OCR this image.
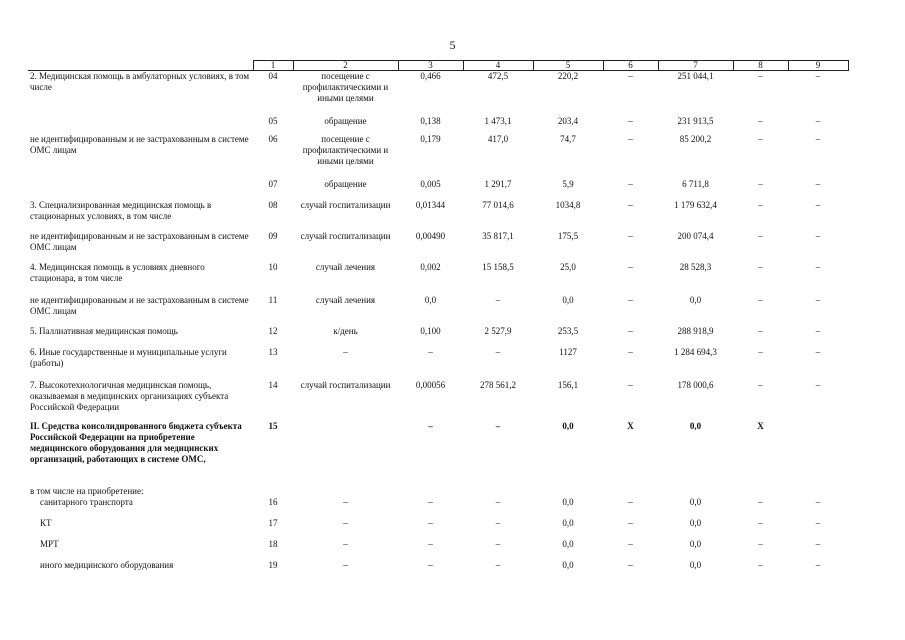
5
	1	2	3	4	5	6	7	8	9
2. Медицинская помощь в амбулаторных условиях, в том числе	04	посещение с профилактическими и иными целями	0,466	472,5	220,2	–	251 044,1	–	–
	05	обращение	0,138	1 473,1	203,4	–	231 913,5	–	–
не идентифицированным и не застрахованным в системе ОМС лицам	06	посещение с профилактическими и иными целями	0,179	417,0	74,7	–	85 200,2	–	–
	07	обращение	0,005	1 291,7	5,9	–	6 711,8	–	–
3. Специализированная медицинская помощь в стационарных условиях, в том числе	08	случай госпитализации	0,01344	77 014,6	1034,8	–	1 179 632,4	–	–
не идентифицированным и не застрахованным в системе ОМС лицам	09	случай госпитализации	0,00490	35 817,1	175,5	–	200 074,4	–	–
4. Медицинская помощь в условиях дневного стационара, в том числе	10	случай лечения	0,002	15 158,5	25,0	–	28 528,3	–	–
не идентифицированным и не застрахованным в системе ОМС лицам	11	случай лечения	0,0	–	0,0	–	0,0	–	–
5. Паллиативная медицинская помощь	12	к/день	0,100	2 527,9	253,5	–	288 918,9	–	–
6. Иные государственные и муниципальные услуги (работы)	13	–	–	–	1127	–	1 284 694,3	–	–
7. Высокотехнологичная медицинская помощь, оказываемая в медицинских организациях субъекта Российской Федерации	14	случай госпитализации	0,00056	278 561,2	156,1	–	178 000,6	–	–
II. Средства консолидированного бюджета субъекта Российской Федерации на приобретение медицинского оборудования для медицинских организаций, работающих в системе ОМС,	15		–	–	0,0	X	0,0	X	
в том числе на приобретение:									
санитарного транспорта	16	–	–	–	0,0	–	0,0	–	–
КТ	17	–	–	–	0,0	–	0,0	–	–
МРТ	18	–	–	–	0,0	–	0,0	–	–
иного медицинского оборудования	19	–	–	–	0,0	–	0,0	–	–
